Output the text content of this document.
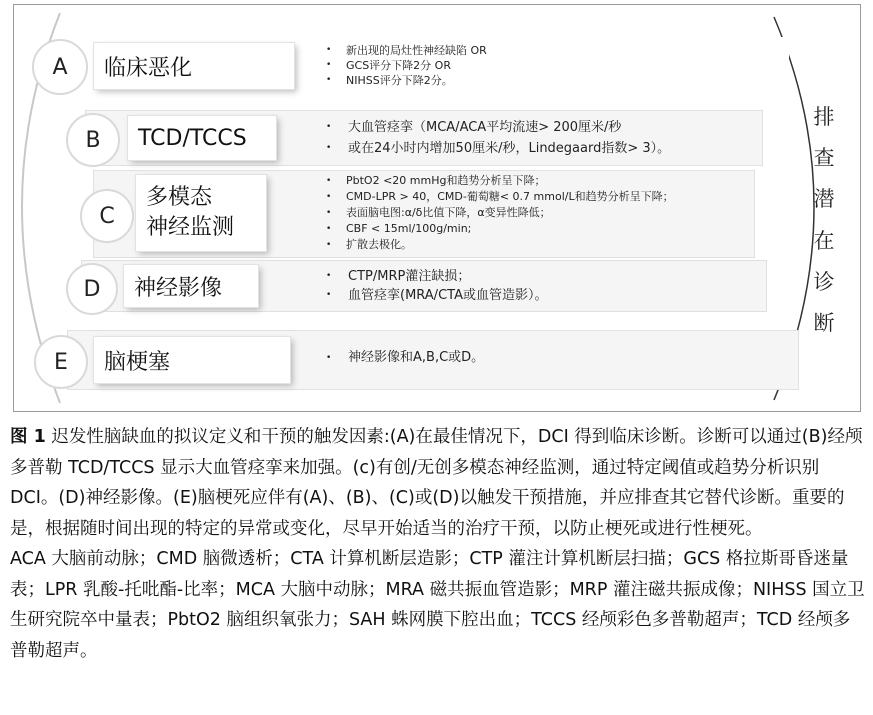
临床恶化
A
• 新出现的局灶性神经缺陷 OR
• GCS评分下降2分 OR
• NIHSS评分下降2分。
TCD/TCCS
B	• 大血管痉挛（MCA/ACA平均流速> 200厘米/秒
• 或在24小时内增加50厘米/秒，Lindegaard指数> 3）。
多模态
神经监测
C
• PbtO2 <20 mmHg和趋势分析呈下降；
• CMD-LPR > 40，CMD-葡萄糖< 0.7 mmol/L和趋势分析呈下降；
• 表面脑电图:α/δ比值下降，α变异性降低；
• CBF < 15ml/100g/min;
• 扩散去极化。
神经影像
D	• CTP/MRP灌注缺损；
• 血管痉挛(MRA/CTA或血管造影）。
脑梗塞
E	• 神经影像和A,B,C或D。
排
查
潜
在
诊
断

图 1 迟发性脑缺血的拟议定义和干预的触发因素:(A)在最佳情况下，DCI 得到临床诊断。诊断可以通过(B)经颅多普勒 TCD/TCCS 显示大血管痉挛来加强。(c)有创/无创多模态神经监测，通过特定阈值或趋势分析识别 DCI。(D)神经影像。(E)脑梗死应伴有(A)、(B)、(C)或(D)以触发干预措施，并应排查其它替代诊断。重要的是，根据随时间出现的特定的异常或变化，尽早开始适当的治疗干预，以防止梗死或进行性梗死。

ACA 大脑前动脉；CMD 脑微透析；CTA 计算机断层造影；CTP 灌注计算机断层扫描；GCS 格拉斯哥昏迷量表；LPR 乳酸-托吡酯-比率；MCA 大脑中动脉；MRA 磁共振血管造影；MRP 灌注磁共振成像；NIHSS 国立卫生研究院卒中量表；PbtO2 脑组织氧张力；SAH 蛛网膜下腔出血；TCCS 经颅彩色多普勒超声；TCD 经颅多普勒超声。
